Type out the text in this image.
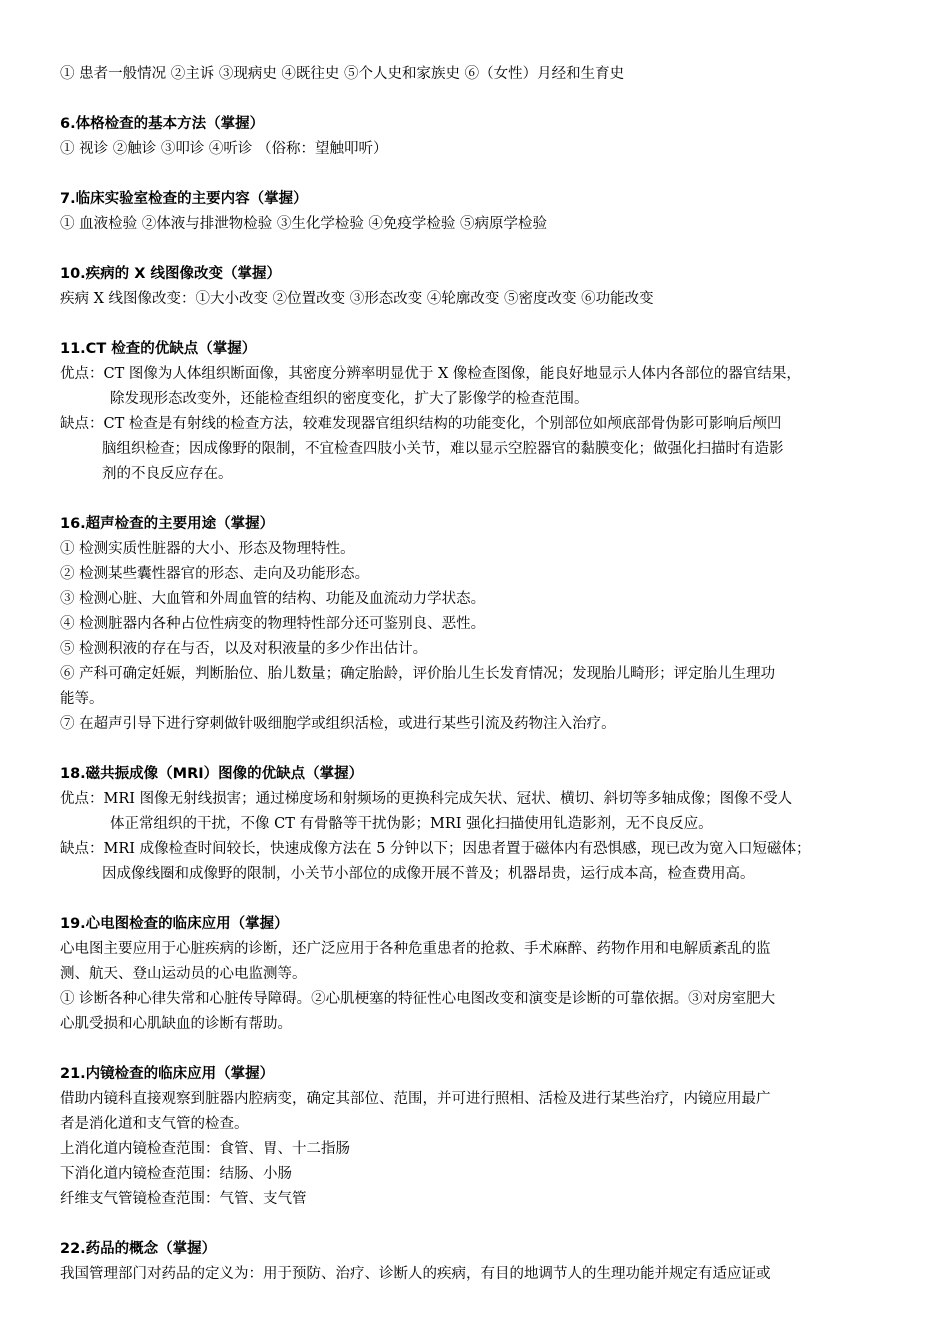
① 患者一般情况 ②主诉 ③现病史 ④既往史 ⑤个人史和家族史 ⑥（女性）月经和生育史
6.体格检查的基本方法（掌握）
① 视诊 ②触诊 ③叩诊 ④听诊 （俗称：望触叩听）
7.临床实验室检查的主要内容（掌握）
① 血液检验 ②体液与排泄物检验 ③生化学检验 ④免疫学检验 ⑤病原学检验
10.疾病的 X 线图像改变（掌握）
疾病 X 线图像改变：①大小改变 ②位置改变 ③形态改变 ④轮廓改变 ⑤密度改变 ⑥功能改变
11.CT 检查的优缺点（掌握）
优点：CT 图像为人体组织断面像，其密度分辨率明显优于 X 像检查图像，能良好地显示人体内各部位的器官结果，
除发现形态改变外，还能检查组织的密度变化，扩大了影像学的检查范围。
缺点：CT 检查是有射线的检查方法，较难发现器官组织结构的功能变化，个别部位如颅底部骨伪影可影响后颅凹
脑组织检查；因成像野的限制，不宜检查四肢小关节，难以显示空腔器官的黏膜变化；做强化扫描时有造影
剂的不良反应存在。
16.超声检查的主要用途（掌握）
① 检测实质性脏器的大小、形态及物理特性。
② 检测某些囊性器官的形态、走向及功能形态。
③ 检测心脏、大血管和外周血管的结构、功能及血流动力学状态。
④ 检测脏器内各种占位性病变的物理特性部分还可鉴别良、恶性。
⑤ 检测积液的存在与否，以及对积液量的多少作出估计。
⑥ 产科可确定妊娠，判断胎位、胎儿数量；确定胎龄，评价胎儿生长发育情况；发现胎儿畸形；评定胎儿生理功
能等。
⑦ 在超声引导下进行穿刺做针吸细胞学或组织活检，或进行某些引流及药物注入治疗。
18.磁共振成像（MRI）图像的优缺点（掌握）
优点：MRI 图像无射线损害；通过梯度场和射频场的更换科完成矢状、冠状、横切、斜切等多轴成像；图像不受人
体正常组织的干扰，不像 CT 有骨骼等干扰伪影；MRI 强化扫描使用钆造影剂，无不良反应。
缺点：MRI 成像检查时间较长，快速成像方法在 5 分钟以下；因患者置于磁体内有恐惧感，现已改为宽入口短磁体；
因成像线圈和成像野的限制，小关节小部位的成像开展不普及；机器昂贵，运行成本高，检查费用高。
19.心电图检查的临床应用（掌握）
心电图主要应用于心脏疾病的诊断，还广泛应用于各种危重患者的抢救、手术麻醉、药物作用和电解质紊乱的监
测、航天、登山运动员的心电监测等。
① 诊断各种心律失常和心脏传导障碍。②心肌梗塞的特征性心电图改变和演变是诊断的可靠依据。③对房室肥大
心肌受损和心肌缺血的诊断有帮助。
21.内镜检查的临床应用（掌握）
借助内镜科直接观察到脏器内腔病变，确定其部位、范围，并可进行照相、活检及进行某些治疗，内镜应用最广
者是消化道和支气管的检查。
上消化道内镜检查范围：食管、胃、十二指肠
下消化道内镜检查范围：结肠、小肠
纤维支气管镜检查范围：气管、支气管
22.药品的概念（掌握）
我国管理部门对药品的定义为：用于预防、治疗、诊断人的疾病，有目的地调节人的生理功能并规定有适应证或
